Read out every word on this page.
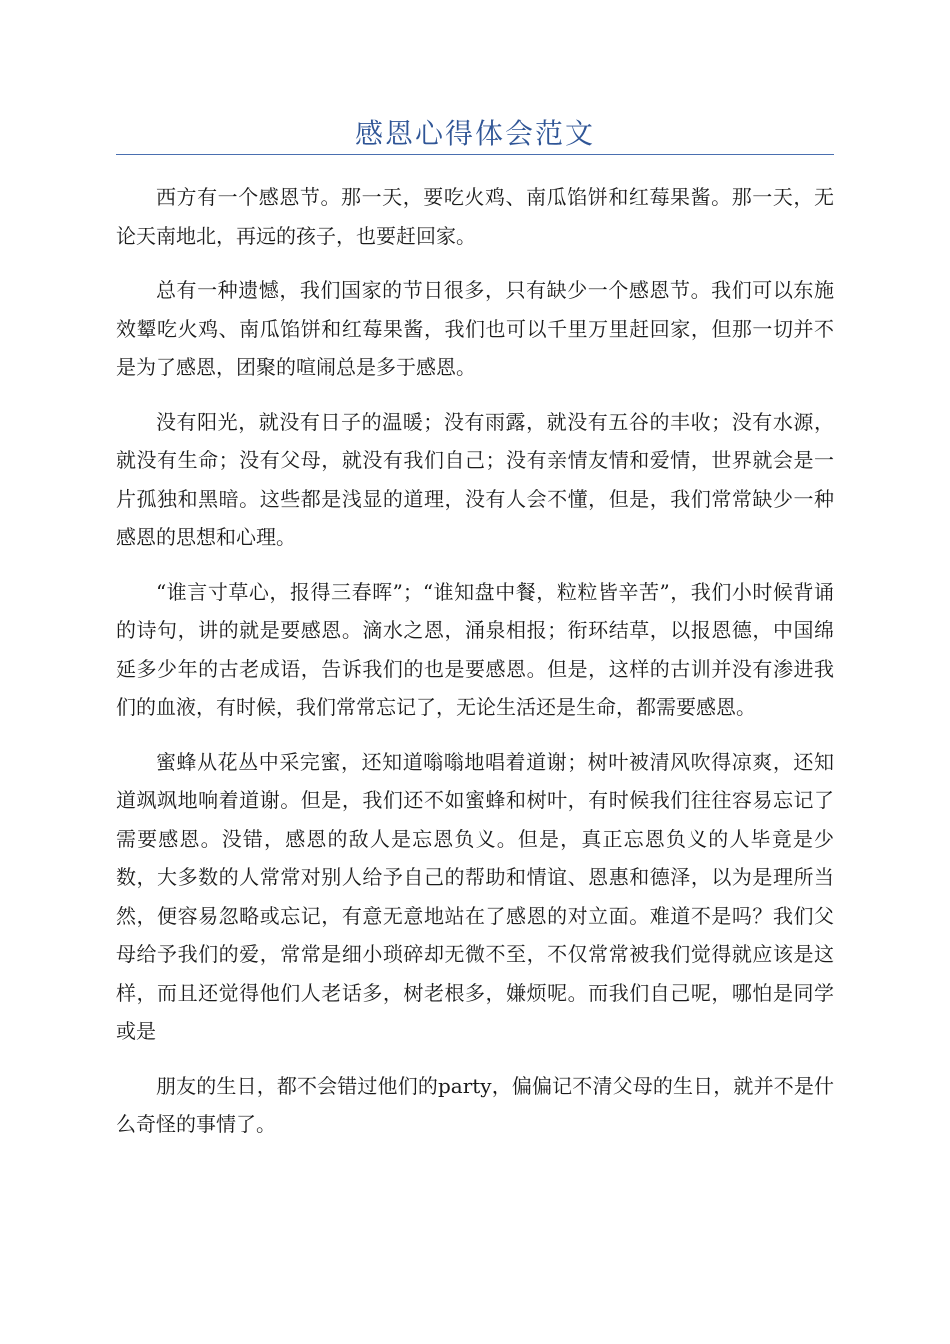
感恩心得体会范文

西方有一个感恩节。那一天，要吃火鸡、南瓜馅饼和红莓果酱。那一天，无论天南地北，再远的孩子，也要赶回家。

总有一种遗憾，我们国家的节日很多，只有缺少一个感恩节。我们可以东施效颦吃火鸡、南瓜馅饼和红莓果酱，我们也可以千里万里赶回家，但那一切并不是为了感恩，团聚的喧闹总是多于感恩。

没有阳光，就没有日子的温暖；没有雨露，就没有五谷的丰收；没有水源，就没有生命；没有父母，就没有我们自己；没有亲情友情和爱情，世界就会是一片孤独和黑暗。这些都是浅显的道理，没有人会不懂，但是，我们常常缺少一种感恩的思想和心理。

“谁言寸草心，报得三春晖”；“谁知盘中餐，粒粒皆辛苦”，我们小时候背诵的诗句，讲的就是要感恩。滴水之恩，涌泉相报；衔环结草，以报恩德，中国绵延多少年的古老成语，告诉我们的也是要感恩。但是，这样的古训并没有渗进我们的血液，有时候，我们常常忘记了，无论生活还是生命，都需要感恩。

蜜蜂从花丛中采完蜜，还知道嗡嗡地唱着道谢；树叶被清风吹得凉爽，还知道飒飒地响着道谢。但是，我们还不如蜜蜂和树叶，有时候我们往往容易忘记了需要感恩。没错，感恩的敌人是忘恩负义。但是，真正忘恩负义的人毕竟是少数，大多数的人常常对别人给予自己的帮助和情谊、恩惠和德泽，以为是理所当然，便容易忽略或忘记，有意无意地站在了感恩的对立面。难道不是吗？我们父母给予我们的爱，常常是细小琐碎却无微不至，不仅常常被我们觉得就应该是这样，而且还觉得他们人老话多，树老根多，嫌烦呢。而我们自己呢，哪怕是同学或是

朋友的生日，都不会错过他们的party，偏偏记不清父母的生日，就并不是什么奇怪的事情了。
